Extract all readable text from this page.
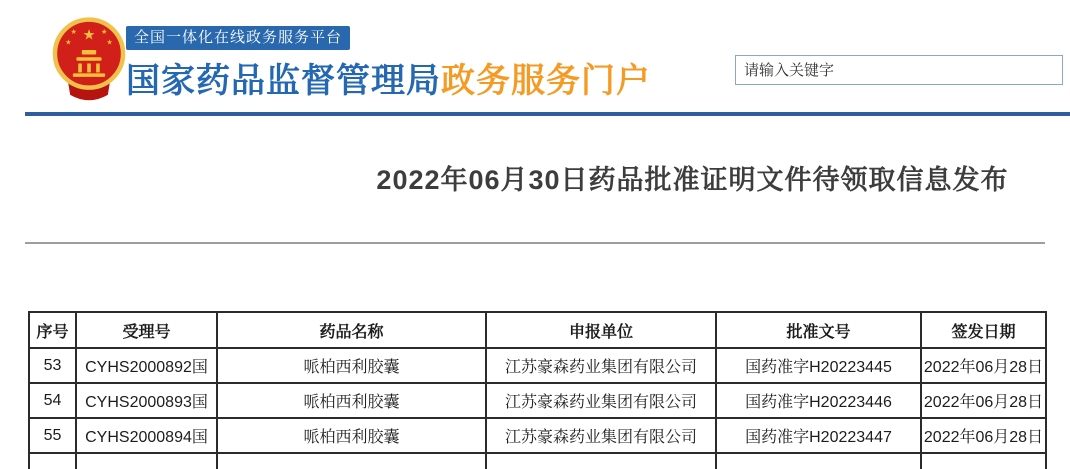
★
★	★
★	★	全国一体化在线政务服务平台
国家药品监督管理局政务服务门户
请输入关键字
2022年06月30日药品批准证明文件待领取信息发布
序号	受理号	药品名称	申报单位	批准文号	签发日期
53	CYHS2000892国	哌柏西利胶囊	江苏豪森药业集团有限公司	国药准字H20223445	2022年06月28日
54	CYHS2000893国	哌柏西利胶囊	江苏豪森药业集团有限公司	国药准字H20223446	2022年06月28日
55	CYHS2000894国	哌柏西利胶囊	江苏豪森药业集团有限公司	国药准字H20223447	2022年06月28日
